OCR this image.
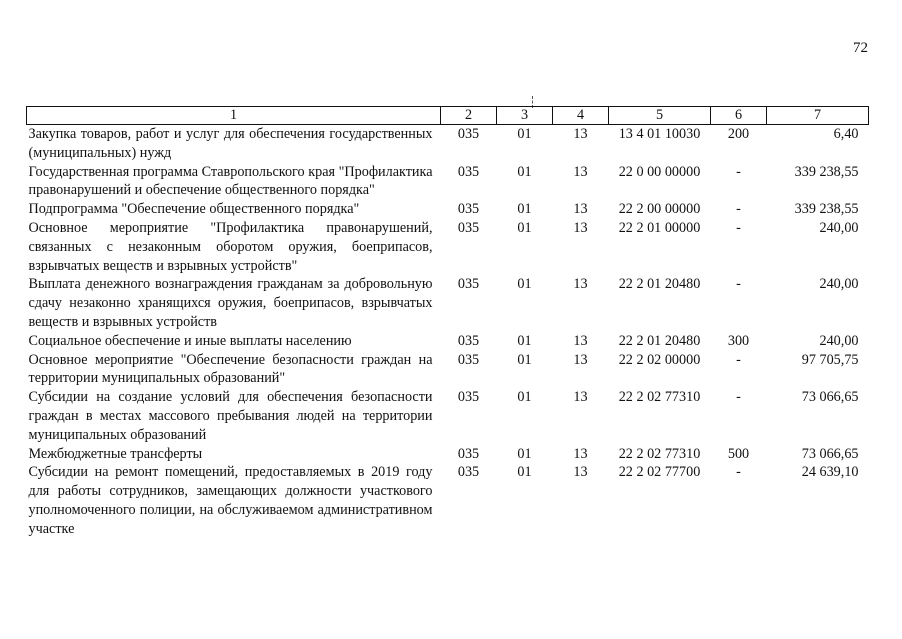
72
1	2	3	4	5	6	7
Закупка товаров, работ и услуг для обеспечения государственных (муниципальных) нужд	035	01	13	13 4 01 10030	200	6,40
Государственная программа Ставропольского края "Профилактика правонарушений и обеспечение общественного порядка"	035	01	13	22 0 00 00000	-	339 238,55
Подпрограмма "Обеспечение общественного порядка"	035	01	13	22 2 00 00000	-	339 238,55
Основное мероприятие "Профилактика правонарушений, связанных с незаконным оборотом оружия, боеприпасов, взрывчатых веществ и взрывных устройств"	035	01	13	22 2 01 00000	-	240,00
Выплата денежного вознаграждения гражданам за добровольную сдачу незаконно хранящихся оружия, боеприпасов, взрывчатых веществ и взрывных устройств	035	01	13	22 2 01 20480	-	240,00
Социальное обеспечение и иные выплаты населению	035	01	13	22 2 01 20480	300	240,00
Основное мероприятие "Обеспечение безопасности граждан на территории муниципальных образований"	035	01	13	22 2 02 00000	-	97 705,75
Субсидии на создание условий для обеспечения безопасности граждан в местах массового пребывания людей на территории муниципальных образований	035	01	13	22 2 02 77310	-	73 066,65
Межбюджетные трансферты	035	01	13	22 2 02 77310	500	73 066,65
Субсидии на ремонт помещений, предоставляемых в 2019 году для работы сотрудников, замещающих должности участкового уполномоченного полиции, на обслуживаемом административном участке	035	01	13	22 2 02 77700	-	24 639,10
